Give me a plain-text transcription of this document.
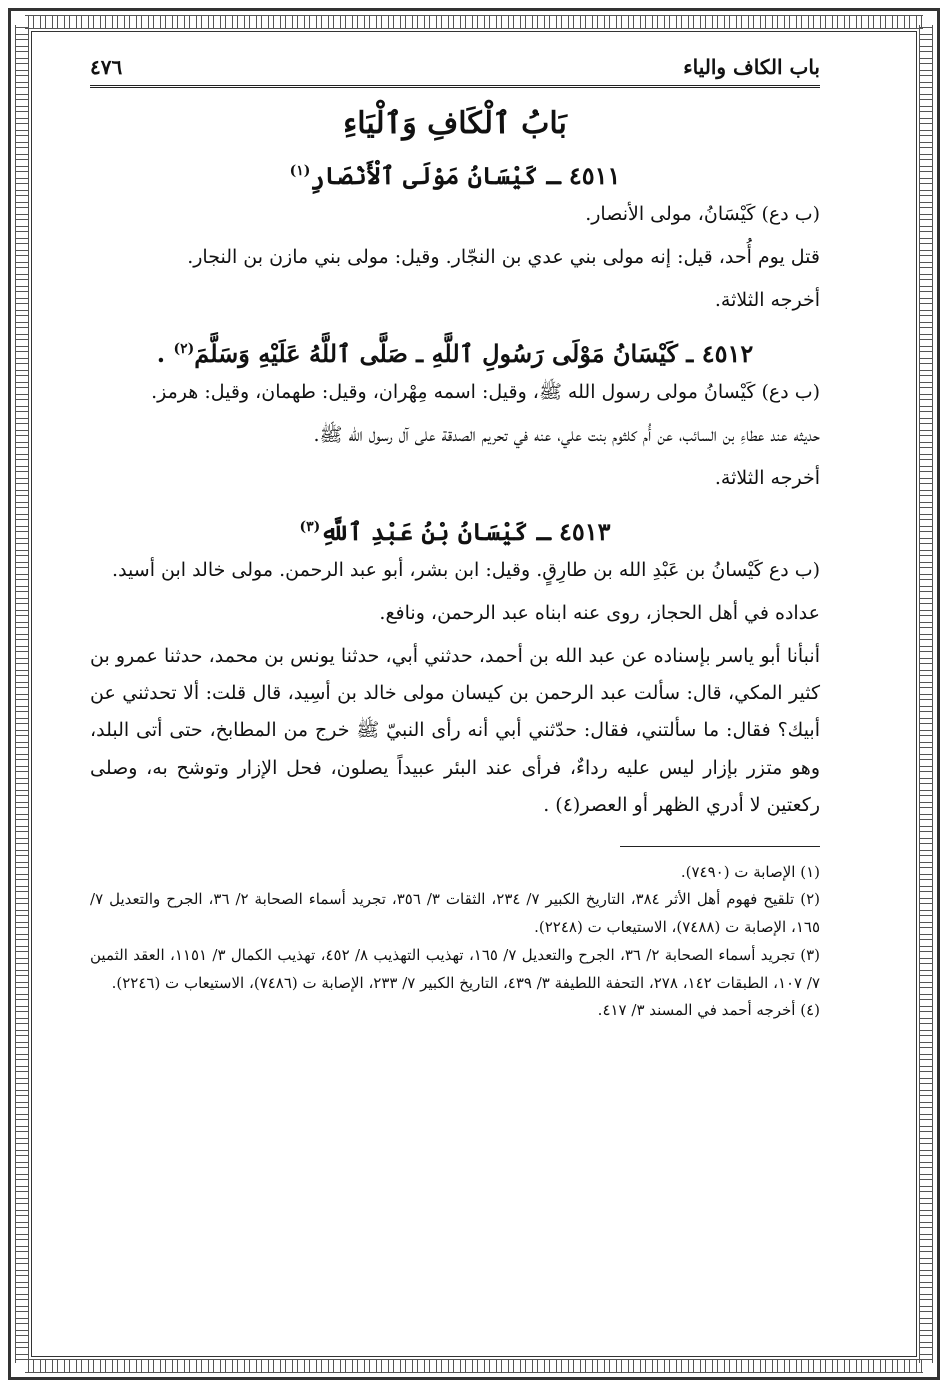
باب الكاف والياء
٤٧٦
بَابُ ٱلْكَافِ وَٱلْيَاءِ
٤٥١١ ـ كَيْسَانُ مَوْلَى ٱلْأَنْصَارِ$^{(١)}$

(ب دع) كَيْسَانُ، مولى الأنصار.

قتل يوم أُحد، قيل: إنه مولى بني عدي بن النجّار. وقيل: مولى بني مازن بن النجار.

أخرجه الثلاثة.

٤٥١٢ ـ كَيْسَانُ مَوْلَى رَسُولِ ٱللَّهِ ـ صَلَّى ٱللَّهُ عَلَيْهِ وَسَلَّمَ$^{(٢)}$ .

(ب دع) كَيْسانُ مولى رسول الله ﷺ، وقيل: اسمه مِهْران، وقيل: طهمان، وقيل: هرمز.

حديثه عند عطاءِ بن السائب، عن أُم كلثوم بنت علي، عنه في تحريم الصدقة على آل رسول الله ﷺ.

أخرجه الثلاثة.

٤٥١٣ ـ كَيْسَانُ بْنُ عَبْدِ ٱللَّهِ$^{(٣)}$

(ب دع كَيْسانُ بن عَبْدِ الله بن طارِقٍ. وقيل: ابن بشر، أبو عبد الرحمن. مولى خالد ابن أسيد.

عداده في أهل الحجاز، روى عنه ابناه عبد الرحمن، ونافع.

أنبأنا أبو ياسر بإسناده عن عبد الله بن أحمد، حدثني أبي، حدثنا يونس بن محمد، حدثنا عمرو بن كثير المكي، قال: سألت عبد الرحمن بن كيسان مولى خالد بن أسِيد، قال قلت: ألا تحدثني عن أبيك؟ فقال: ما سألتني، فقال: حدّثني أبي أنه رأى النبيّ ﷺ خرج من المطابخ، حتى أتى البلد، وهو متزر بإزار ليس عليه رداءٌ، فرأى عند البئر عبيداً يصلون، فحل الإزار وتوشح به، وصلى ركعتين لا أدري الظهر أو العصر(٤) .

(١) الإصابة ت (٧٤٩٠).

(٢) تلقيح فهوم أهل الأثر ٣٨٤، التاريخ الكبير ٧/ ٢٣٤، الثقات ٣/ ٣٥٦، تجريد أسماء الصحابة ٢/ ٣٦، الجرح والتعديل ٧/ ١٦٥، الإصابة ت (٧٤٨٨)، الاستيعاب ت (٢٢٤٨).

(٣) تجريد أسماء الصحابة ٢/ ٣٦، الجرح والتعديل ٧/ ١٦٥، تهذيب التهذيب ٨/ ٤٥٢، تهذيب الكمال ٣/ ١١٥١، العقد الثمين ٧/ ١٠٧، الطبقات ١٤٢، ٢٧٨، التحفة اللطيفة ٣/ ٤٣٩، التاريخ الكبير ٧/ ٢٣٣، الإصابة ت (٧٤٨٦)، الاستيعاب ت (٢٢٤٦).

(٤) أخرجه أحمد في المسند ٣/ ٤١٧.
